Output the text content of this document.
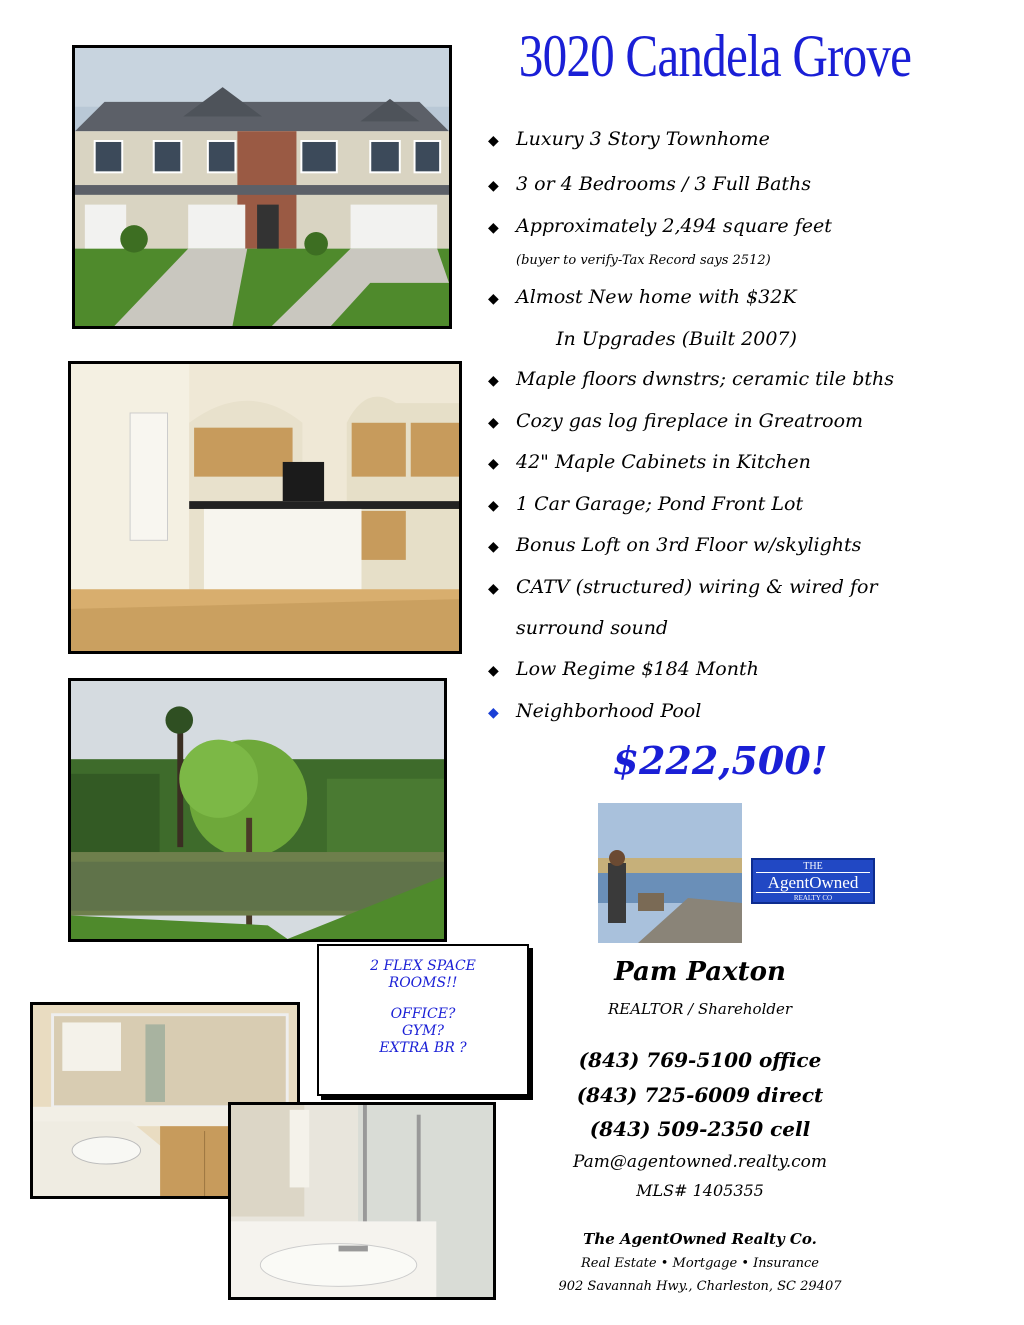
3020 Candela Grove
◆ Luxury 3 Story Townhome
◆ 3 or 4 Bedrooms / 3 Full Baths
◆ Approximately 2,494 square feet
(buyer to verify-Tax Record says 2512)
◆ Almost New home with $32K
In Upgrades (Built 2007)
◆ Maple floors dwnstrs; ceramic tile bths
◆ Cozy gas log fireplace in Greatroom
◆ 42" Maple Cabinets in Kitchen
◆ 1 Car Garage; Pond Front Lot
◆ Bonus Loft on 3rd Floor w/skylights
◆ CATV (structured) wiring & wired for
surround sound
◆ Low Regime $184 Month
◆ Neighborhood Pool
$222,500!
THE
AgentOwned
REALTY CO
2 FLEX SPACE
ROOMS!!
OFFICE?
GYM?
EXTRA BR ?
Pam Paxton
REALTOR / Shareholder
(843) 769-5100 office
(843) 725-6009 direct
(843) 509-2350 cell
Pam@agentowned.realty.com
MLS# 1405355
The AgentOwned Realty Co.
Real Estate • Mortgage • Insurance
902 Savannah Hwy., Charleston, SC 29407
